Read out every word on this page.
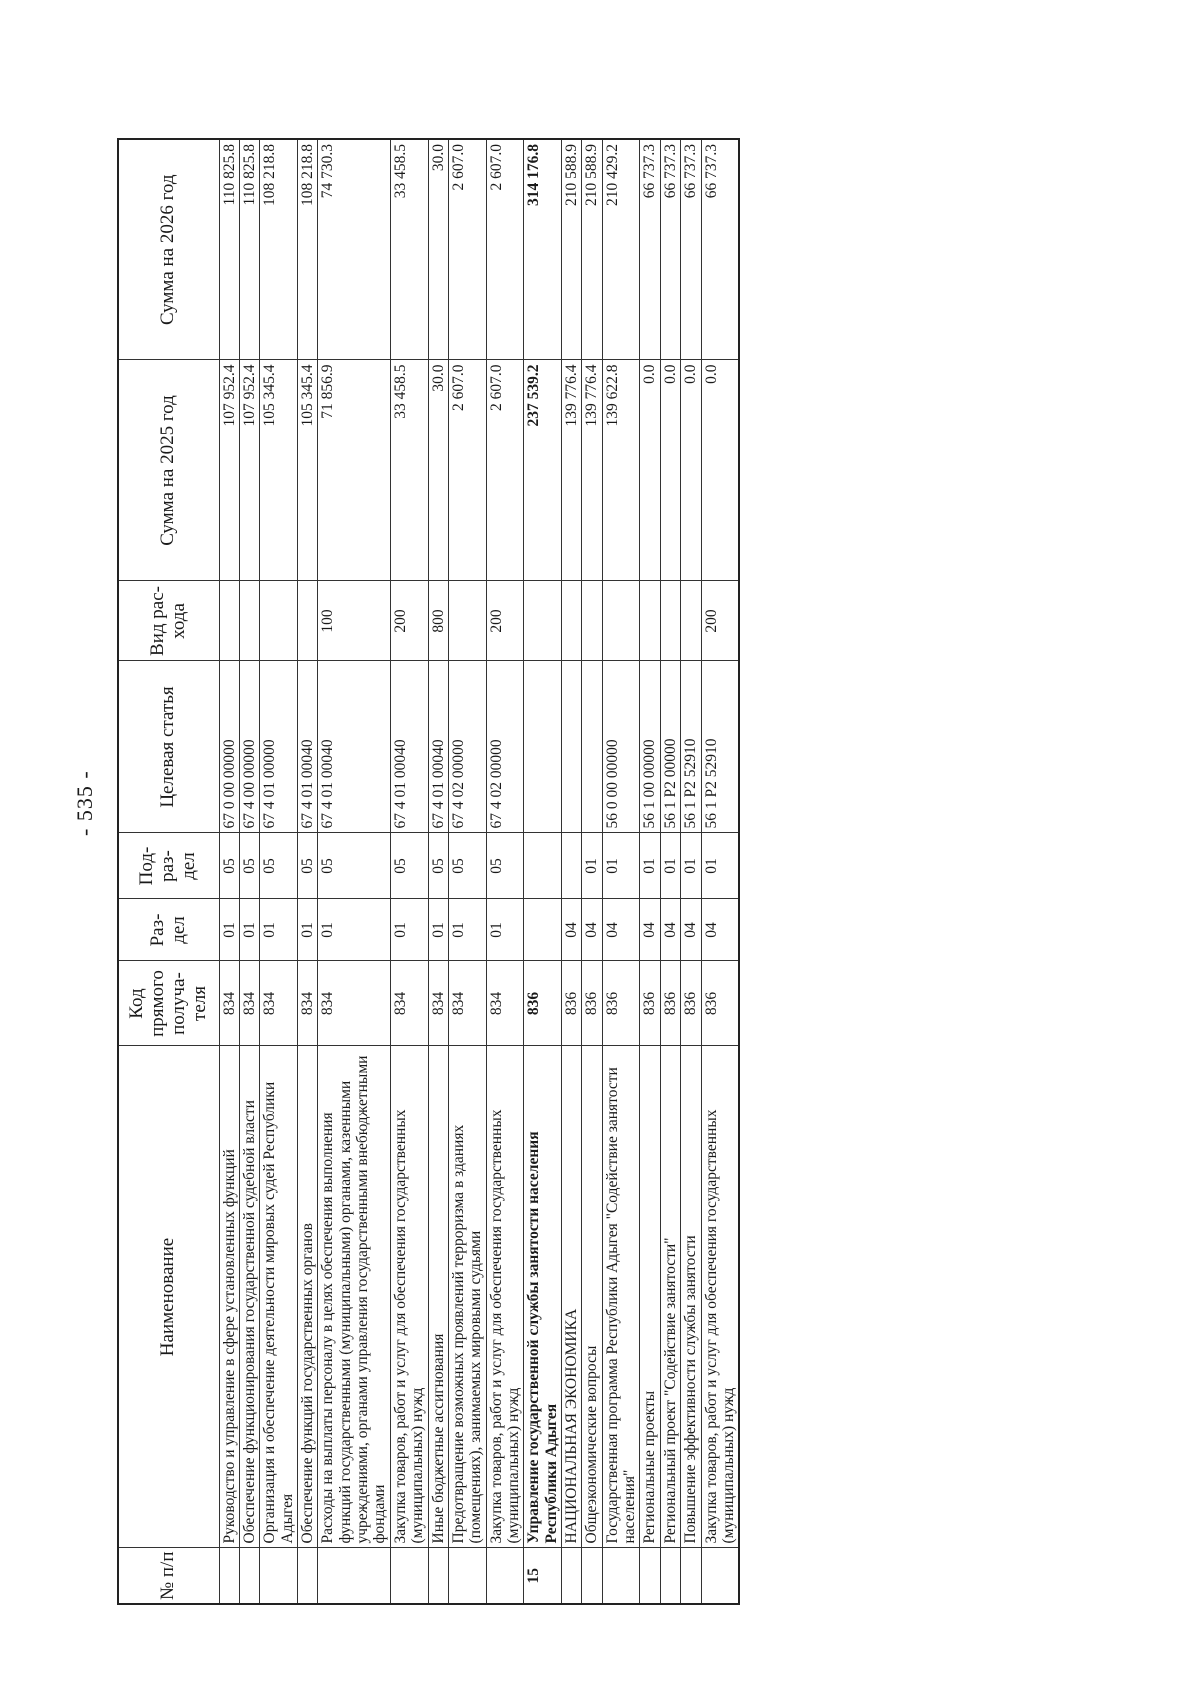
- 535 -
№ п/п	Наименование	Код прямого получа-теля	Раз-дел	Под-раз-дел	Целевая статья	Вид рас-хода	Сумма на 2025 год	Сумма на 2026 год
	Руководство и управление в сфере установленных функций	834	01	05	67 0 00 00000		107 952.4	110 825.8
	Обеспечение функционирования государственной судебной власти	834	01	05	67 4 00 00000		107 952.4	110 825.8
	Организация и обеспечение деятельности мировых судей Республики Адыгея	834	01	05	67 4 01 00000		105 345.4	108 218.8
	Обеспечение функций государственных органов	834	01	05	67 4 01 00040		105 345.4	108 218.8
	Расходы на выплаты персоналу в целях обеспечения выполнения функций государственными (муниципальными) органами, казенными учреждениями, органами управления государственными внебюджетными фондами	834	01	05	67 4 01 00040	100	71 856.9	74 730.3
	Закупка товаров, работ и услуг для обеспечения государственных (муниципальных) нужд	834	01	05	67 4 01 00040	200	33 458.5	33 458.5
	Иные бюджетные ассигнования	834	01	05	67 4 01 00040	800	30.0	30.0
	Предотвращение возможных проявлений терроризма в зданиях (помещениях), занимаемых мировыми судьями	834	01	05	67 4 02 00000		2 607.0	2 607.0
	Закупка товаров, работ и услуг для обеспечения государственных (муниципальных) нужд	834	01	05	67 4 02 00000	200	2 607.0	2 607.0
15	Управление государственной службы занятости населения Республики Адыгея	836					237 539.2	314 176.8
	НАЦИОНАЛЬНАЯ ЭКОНОМИКА	836	04				139 776.4	210 588.9
	Общеэкономические вопросы	836	04	01			139 776.4	210 588.9
	Государственная программа Республики Адыгея "Содействие занятости населения"	836	04	01	56 0 00 00000		139 622.8	210 429.2
	Региональные проекты	836	04	01	56 1 00 00000		0.0	66 737.3
	Региональный проект "Содействие занятости"	836	04	01	56 1 P2 00000		0.0	66 737.3
	Повышение эффективности службы занятости	836	04	01	56 1 P2 52910		0.0	66 737.3
	Закупка товаров, работ и услуг для обеспечения государственных (муниципальных) нужд	836	04	01	56 1 P2 52910	200	0.0	66 737.3
